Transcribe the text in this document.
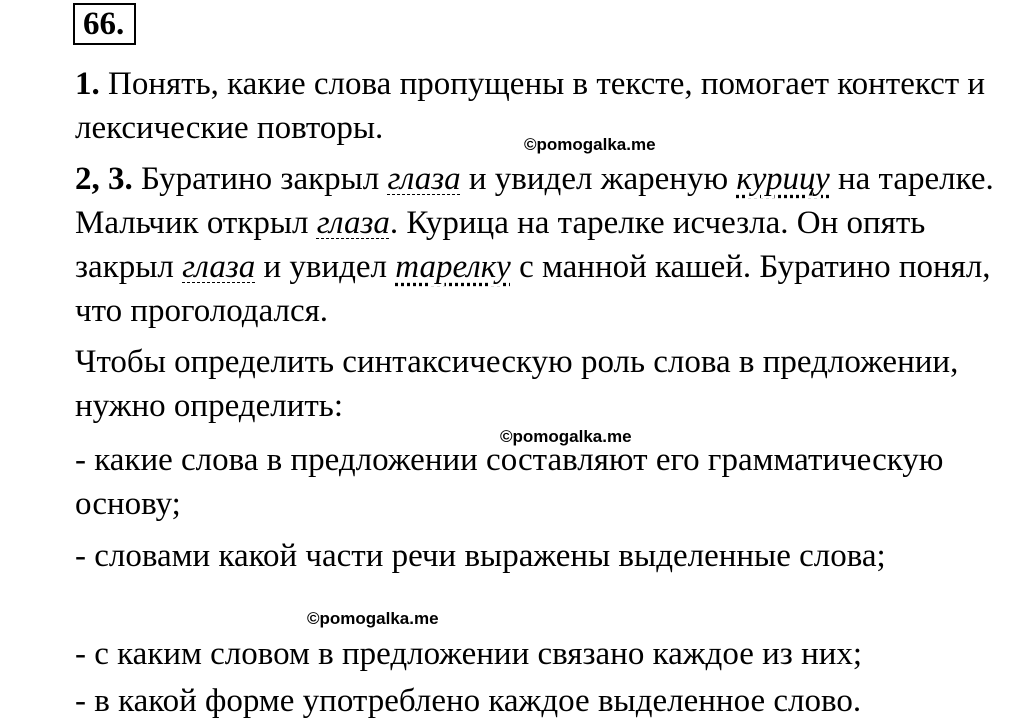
66.

1. Понять, какие слова пропущены в тексте, помогает контекст и лексические повторы.	©pomogalka.me

2, 3. Буратино закрыл глаза и увидел жареную курицу на тарелке. Мальчик открыл глаза. Курица на тарелке исчезла. Он опять закрыл глаза и увидел тарелку с манной кашей. Буратино понял, что проголодался.

Чтобы определить синтаксическую роль слова в предложении, нужно определить:

©pomogalka.me

- какие слова в предложении составляют его грамматическую основу;

- словами какой части речи выражены выделенные слова;

©pomogalka.me

- с каким словом в предложении связано каждое из них;

- в какой форме употреблено каждое выделенное слово.
